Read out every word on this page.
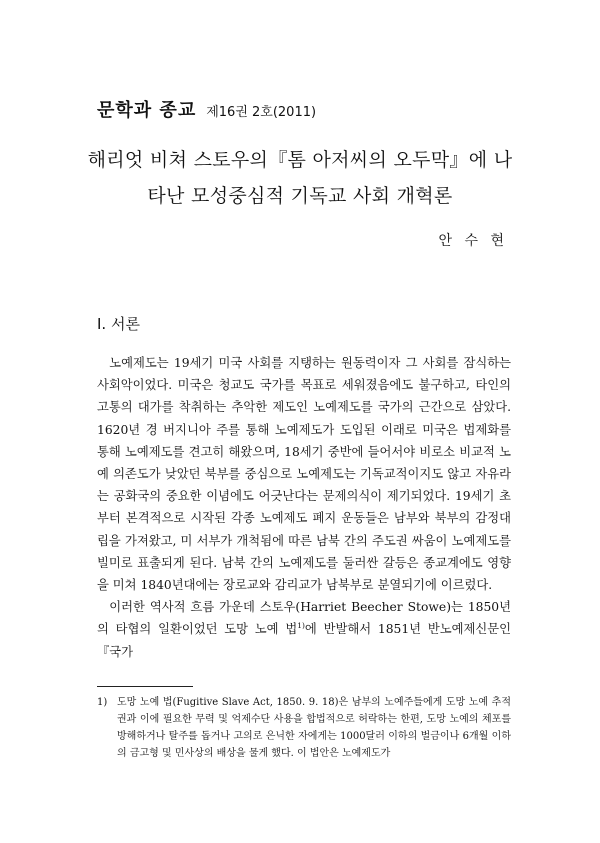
문학과 종교 제16권 2호(2011)
해리엇 비쳐 스토우의『톰 아저씨의 오두막』에 나
타난 모성중심적 기독교 사회 개혁론
안 수 현
I. 서론

노예제도는 19세기 미국 사회를 지탱하는 원동력이자 그 사회를 잠식하는 사회악이었다. 미국은 청교도 국가를 목표로 세워졌음에도 불구하고, 타인의 고통의 대가를 착취하는 추악한 제도인 노예제도를 국가의 근간으로 삼았다. 1620년 경 버지니아 주를 통해 노예제도가 도입된 이래로 미국은 법제화를 통해 노예제도를 견고히 해왔으며, 18세기 중반에 들어서야 비로소 비교적 노예 의존도가 낮았던 북부를 중심으로 노예제도는 기독교적이지도 않고 자유라는 공화국의 중요한 이념에도 어긋난다는 문제의식이 제기되었다. 19세기 초부터 본격적으로 시작된 각종 노예제도 폐지 운동들은 남부와 북부의 감정대립을 가져왔고, 미 서부가 개척됨에 따른 남북 간의 주도권 싸움이 노예제도를 빌미로 표출되게 된다. 남북 간의 노예제도를 둘러싼 갈등은 종교계에도 영향을 미쳐 1840년대에는 장로교와 감리교가 남북부로 분열되기에 이르렀다.

이러한 역사적 흐름 가운데 스토우(Harriet Beecher Stowe)는 1850년의 타협의 일환이었던 도망 노예 법$^{1)}$에 반발해서 1851년 반노예제신문인『국가

1) 도망 노예 법(Fugitive Slave Act, 1850. 9. 18)은 남부의 노예주들에게 도망 노예 추적권과 이에 필요한 무력 및 억제수단 사용을 합법적으로 허락하는 한편, 도망 노예의 체포를 방해하거나 탈주를 돕거나 고의로 은닉한 자에게는 1000달러 이하의 벌금이나 6개월 이하의 금고형 및 민사상의 배상을 물게 했다. 이 법안은 노예제도가
